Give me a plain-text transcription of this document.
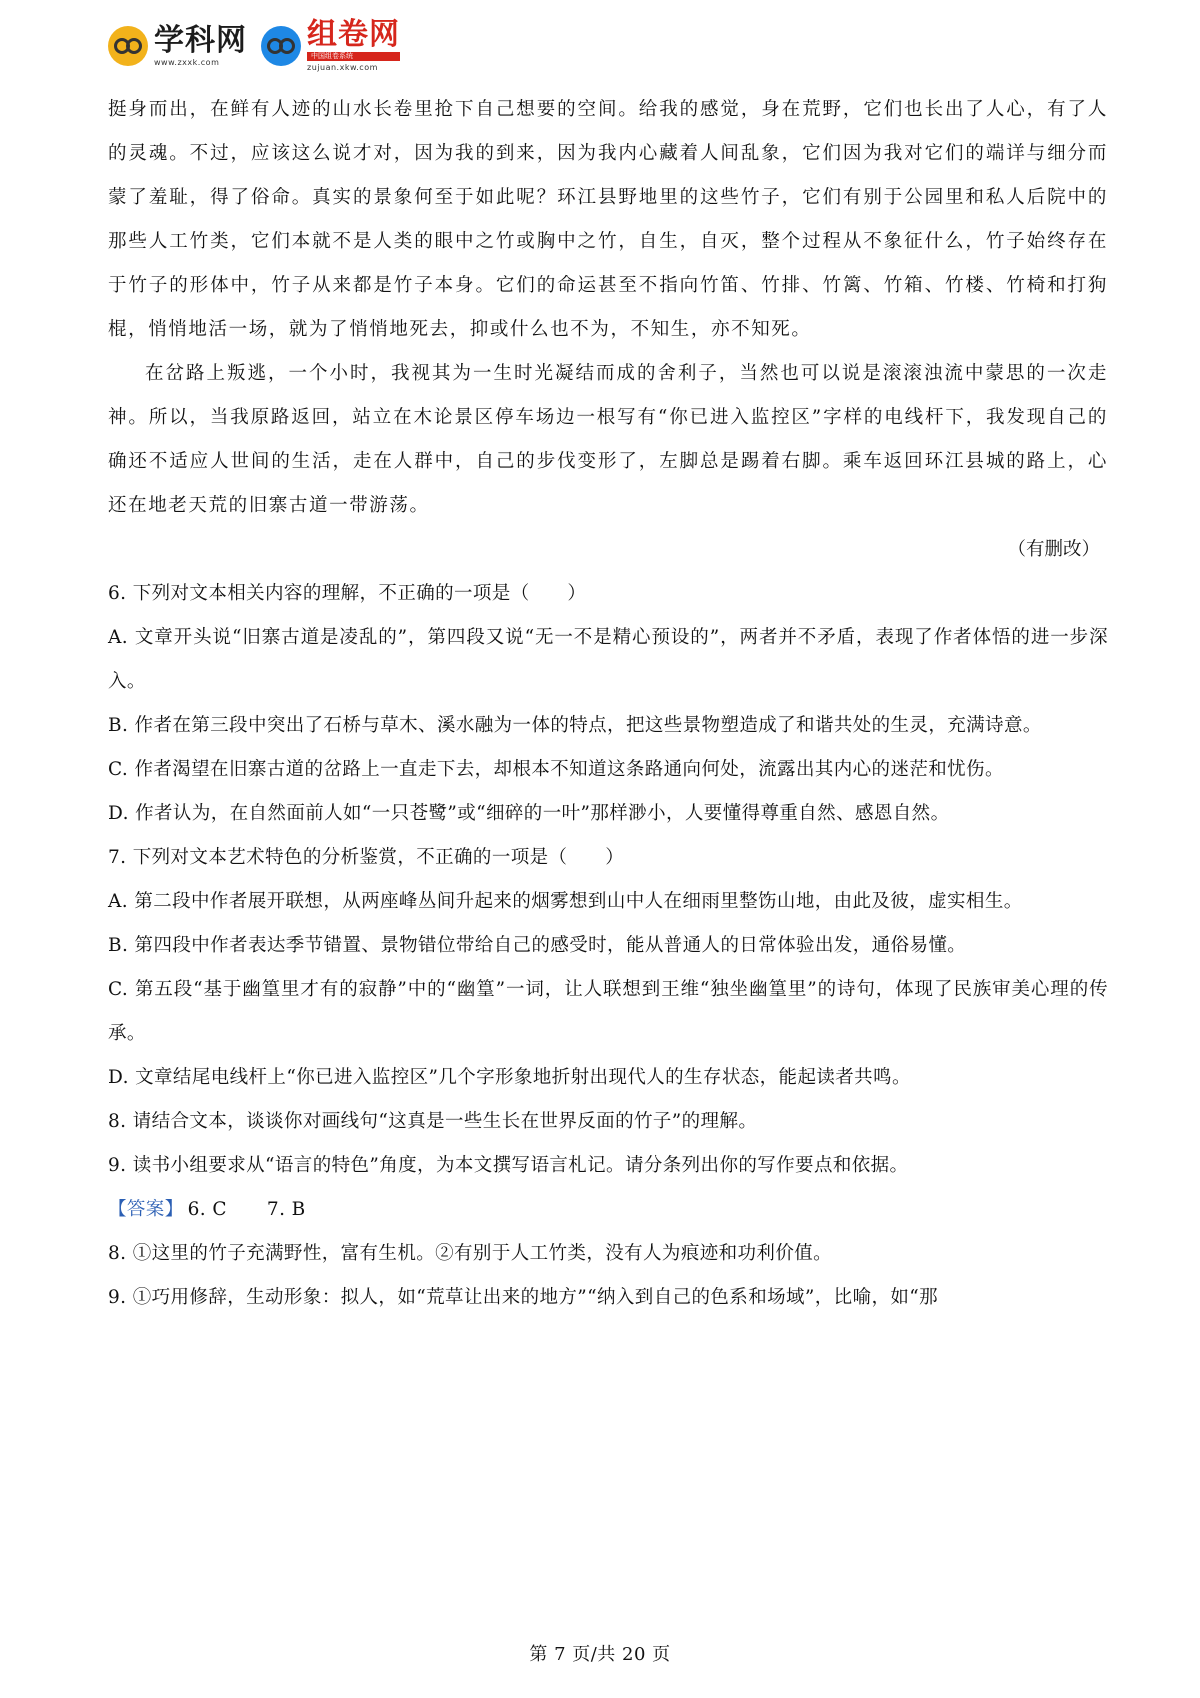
学科网
www.zxxk.com
组卷网
中国组卷系统
zujuan.xkw.com

挺身而出，在鲜有人迹的山水长卷里抢下自己想要的空间。给我的感觉，身在荒野，它们也长出了人心，有了人的灵魂。不过，应该这么说才对，因为我的到来，因为我内心藏着人间乱象，它们因为我对它们的端详与细分而蒙了羞耻，得了俗命。真实的景象何至于如此呢？环江县野地里的这些竹子，它们有别于公园里和私人后院中的那些人工竹类，它们本就不是人类的眼中之竹或胸中之竹，自生，自灭，整个过程从不象征什么，竹子始终存在于竹子的形体中，竹子从来都是竹子本身。它们的命运甚至不指向竹笛、竹排、竹篱、竹箱、竹楼、竹椅和打狗棍，悄悄地活一场，就为了悄悄地死去，抑或什么也不为，不知生，亦不知死。

在岔路上叛逃，一个小时，我视其为一生时光凝结而成的舍利子，当然也可以说是滚滚浊流中蒙思的一次走神。所以，当我原路返回，站立在木论景区停车场边一根写有“你已进入监控区”字样的电线杆下，我发现自己的确还不适应人世间的生活，走在人群中，自己的步伐变形了，左脚总是踢着右脚。乘车返回环江县城的路上，心还在地老天荒的旧寨古道一带游荡。

（有删改）

6. 下列对文本相关内容的理解，不正确的一项是（　　）

A. 文章开头说“旧寨古道是凌乱的”，第四段又说“无一不是精心预设的”，两者并不矛盾，表现了作者体悟的进一步深入。

B. 作者在第三段中突出了石桥与草木、溪水融为一体的特点，把这些景物塑造成了和谐共处的生灵，充满诗意。

C. 作者渴望在旧寨古道的岔路上一直走下去，却根本不知道这条路通向何处，流露出其内心的迷茫和忧伤。

D. 作者认为，在自然面前人如“一只苍鹭”或“细碎的一叶”那样渺小，人要懂得尊重自然、感恩自然。

7. 下列对文本艺术特色的分析鉴赏，不正确的一项是（　　）

A. 第二段中作者展开联想，从两座峰丛间升起来的烟雾想到山中人在细雨里整饬山地，由此及彼，虚实相生。

B. 第四段中作者表达季节错置、景物错位带给自己的感受时，能从普通人的日常体验出发，通俗易懂。

C. 第五段“基于幽篁里才有的寂静”中的“幽篁”一词，让人联想到王维“独坐幽篁里”的诗句，体现了民族审美心理的传承。

D. 文章结尾电线杆上“你已进入监控区”几个字形象地折射出现代人的生存状态，能起读者共鸣。

8. 请结合文本，谈谈你对画线句“这真是一些生长在世界反面的竹子”的理解。

9. 读书小组要求从“语言的特色”角度，为本文撰写语言札记。请分条列出你的写作要点和依据。

【答案】 6. C 7. B

8. ①这里的竹子充满野性，富有生机。②有别于人工竹类，没有人为痕迹和功利价值。

9. ①巧用修辞，生动形象：拟人，如“荒草让出来的地方”“纳入到自己的色系和场域”，比喻，如“那

第 7 页/共 20 页
